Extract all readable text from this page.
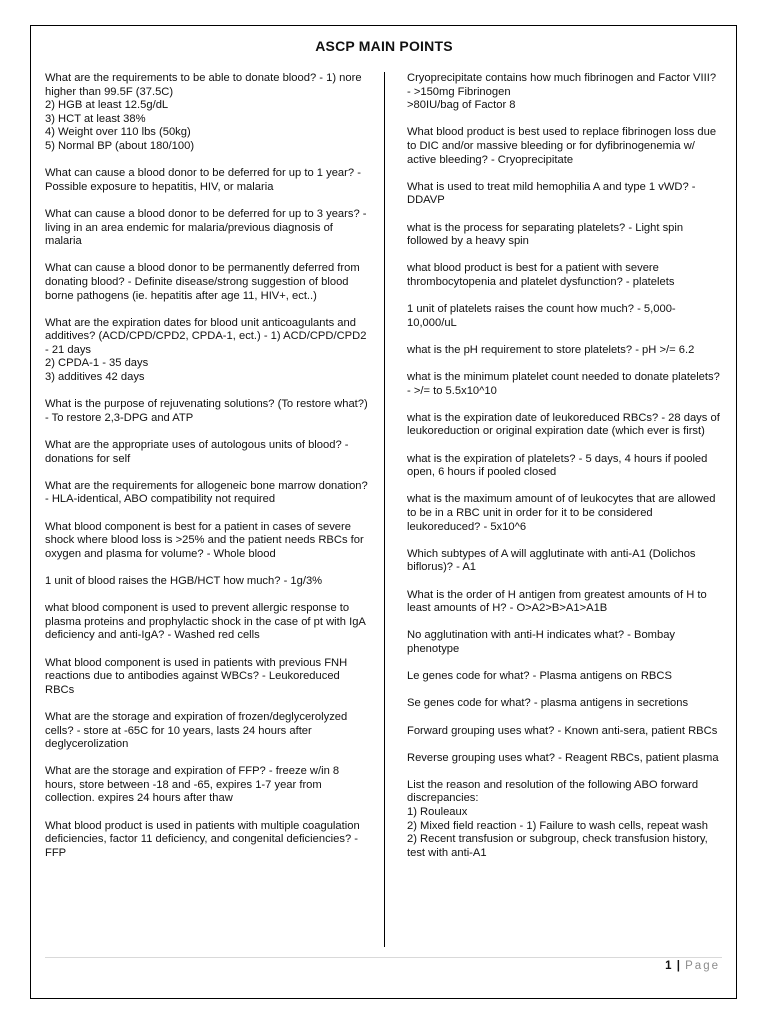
ASCP MAIN POINTS

What are the requirements to be able to donate blood? - 1) nore higher than 99.5F (37.5C)
2) HGB at least 12.5g/dL
3) HCT at least 38%
4) Weight over 110 lbs (50kg)
5) Normal BP (about 180/100)

What can cause a blood donor to be deferred for up to 1 year? - Possible exposure to hepatitis, HIV, or malaria

What can cause a blood donor to be deferred for up to 3 years? - living in an area endemic for malaria/previous diagnosis of malaria

What can cause a blood donor to be permanently deferred from donating blood? - Definite disease/strong suggestion of blood borne pathogens (ie. hepatitis after age 11, HIV+, ect..)

What are the expiration dates for blood unit anticoagulants and additives? (ACD/CPD/CPD2, CPDA-1, ect.) - 1) ACD/CPD/CPD2 - 21 days
2) CPDA-1 - 35 days
3) additives 42 days

What is the purpose of rejuvenating solutions? (To restore what?) - To restore 2,3-DPG and ATP

What are the appropriate uses of autologous units of blood? - donations for self

What are the requirements for allogeneic bone marrow donation? - HLA-identical, ABO compatibility not required

What blood component is best for a patient in cases of severe shock where blood loss is >25% and the patient needs RBCs for oxygen and plasma for volume? - Whole blood

1 unit of blood raises the HGB/HCT how much? - 1g/3%

what blood component is used to prevent allergic response to plasma proteins and prophylactic shock in the case of pt with IgA deficiency and anti-IgA? - Washed red cells

What blood component is used in patients with previous FNH reactions due to antibodies against WBCs? - Leukoreduced RBCs

What are the storage and expiration of frozen/deglycerolyzed cells? - store at -65C for 10 years, lasts 24 hours after deglycerolization

What are the storage and expiration of FFP? - freeze w/in 8 hours, store between -18 and -65, expires 1-7 year from collection. expires 24 hours after thaw

What blood product is used in patients with multiple coagulation deficiencies, factor 11 deficiency, and congenital deficiencies? - FFP

Cryoprecipitate contains how much fibrinogen and Factor VIII? - >150mg Fibrinogen
>80IU/bag of Factor 8

What blood product is best used to replace fibrinogen loss due to DIC and/or massive bleeding or for dyfibrinogenemia w/ active bleeding? - Cryoprecipitate

What is used to treat mild hemophilia A and type 1 vWD? - DDAVP

what is the process for separating platelets? - Light spin followed by a heavy spin

what blood product is best for a patient with severe thrombocytopenia and platelet dysfunction? - platelets

1 unit of platelets raises the count how much? - 5,000-10,000/uL

what is the pH requirement to store platelets? - pH >/= 6.2

what is the minimum platelet count needed to donate platelets? - >/= to 5.5x10^10

what is the expiration date of leukoreduced RBCs? - 28 days of leukoreduction or original expiration date (which ever is first)

what is the expiration of platelets? - 5 days, 4 hours if pooled open, 6 hours if pooled closed

what is the maximum amount of of leukocytes that are allowed to be in a RBC unit in order for it to be considered leukoreduced? - 5x10^6

Which subtypes of A will agglutinate with anti-A1 (Dolichos biflorus)? - A1

What is the order of H antigen from greatest amounts of H to least amounts of H? - O>A2>B>A1>A1B

No agglutination with anti-H indicates what? - Bombay phenotype

Le genes code for what? - Plasma antigens on RBCS

Se genes code for what? - plasma antigens in secretions

Forward grouping uses what? - Known anti-sera, patient RBCs

Reverse grouping uses what? - Reagent RBCs, patient plasma

List the reason and resolution of the following ABO forward discrepancies:
1) Rouleaux
2) Mixed field reaction - 1) Failure to wash cells, repeat wash
2) Recent transfusion or subgroup, check transfusion history, test with anti-A1

1 | Page
